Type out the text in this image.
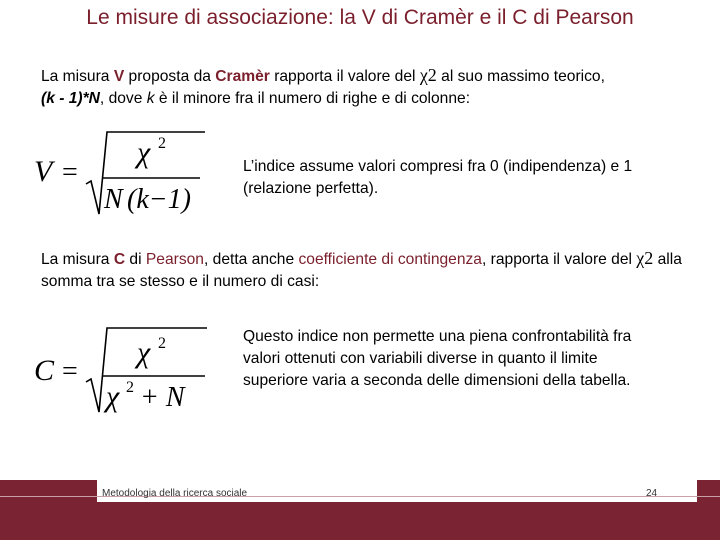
Le misure di associazione: la V di Cramèr e il C di Pearson
La misura V proposta da Cramèr rapporta il valore del χ2 al suo massimo teorico,
(k - 1)*N, dove k è il minore fra il numero di righe e di colonne:
V =
χ 2
N (k−1)
L’indice assume valori compresi fra 0 (indipendenza) e 1 (relazione perfetta).
La misura C di Pearson, detta anche coefficiente di contingenza, rapporta il valore del χ2 alla somma tra se stesso e il numero di casi:
C =
χ 2
χ 2 + N
Questo indice non permette una piena confrontabilità fra valori ottenuti con variabili diverse in quanto il limite superiore varia a seconda delle dimensioni della tabella.
Metodologia della ricerca sociale	24
